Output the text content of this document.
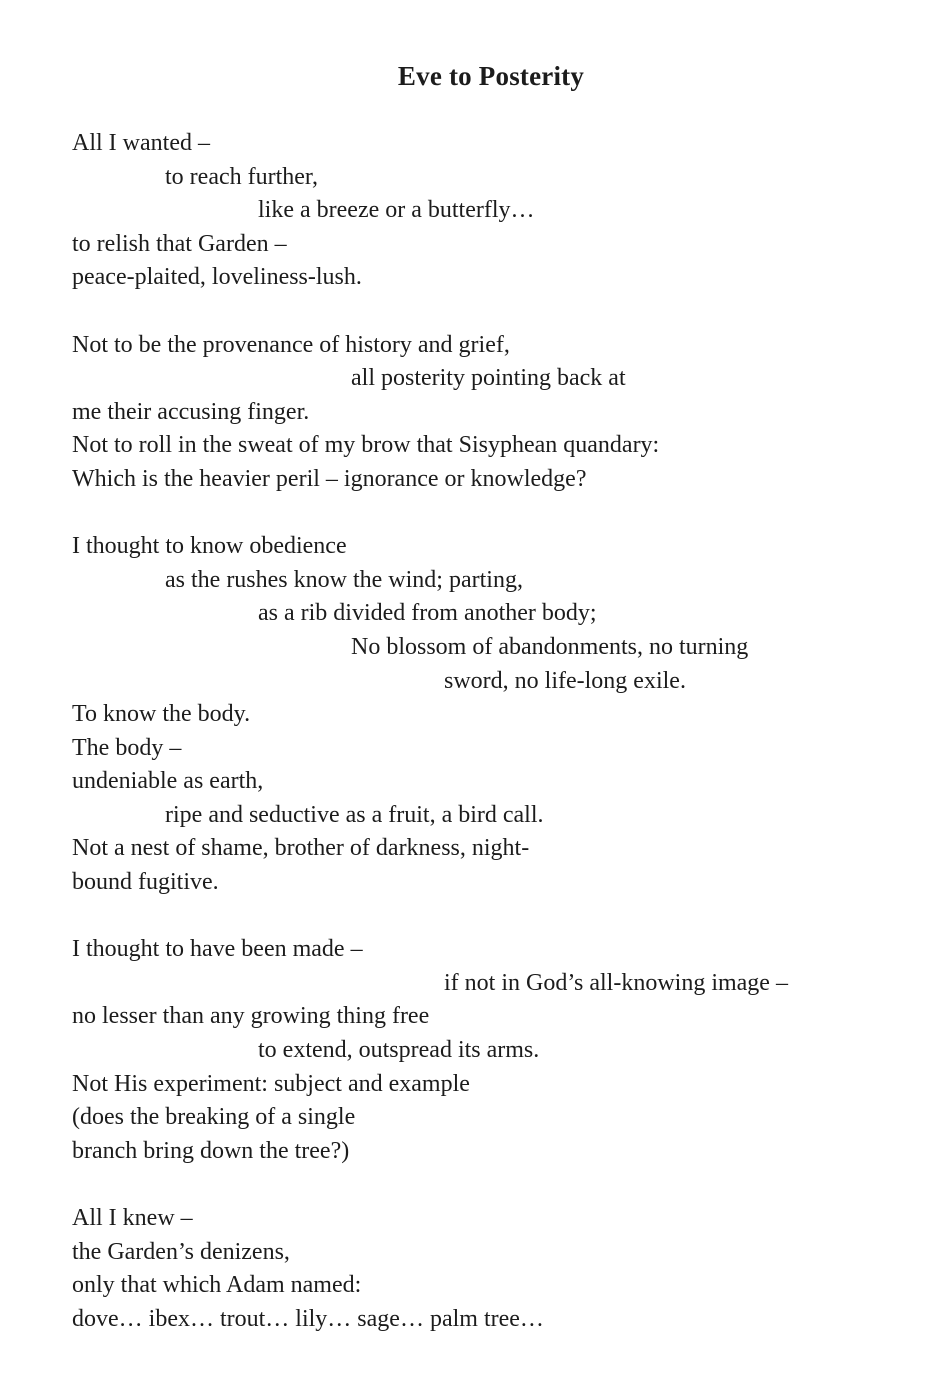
Eve to Posterity
All I wanted –
to reach further,
like a breeze or a butterfly…
to relish that Garden –
peace-plaited, loveliness-lush.
Not to be the provenance of history and grief,
all posterity pointing back at
me their accusing finger.
Not to roll in the sweat of my brow that Sisyphean quandary:
Which is the heavier peril – ignorance or knowledge?
I thought to know obedience
as the rushes know the wind; parting,
as a rib divided from another body;
No blossom of abandonments, no turning
sword, no life-long exile.
To know the body.
The body –
undeniable as earth,
ripe and seductive as a fruit, a bird call.
Not a nest of shame, brother of darkness, night-
bound fugitive.
I thought to have been made –
if not in God’s all-knowing image –
no lesser than any growing thing free
to extend, outspread its arms.
Not His experiment: subject and example
(does the breaking of a single
branch bring down the tree?)
All I knew –
the Garden’s denizens,
only that which Adam named:
dove… ibex… trout… lily… sage… palm tree…
